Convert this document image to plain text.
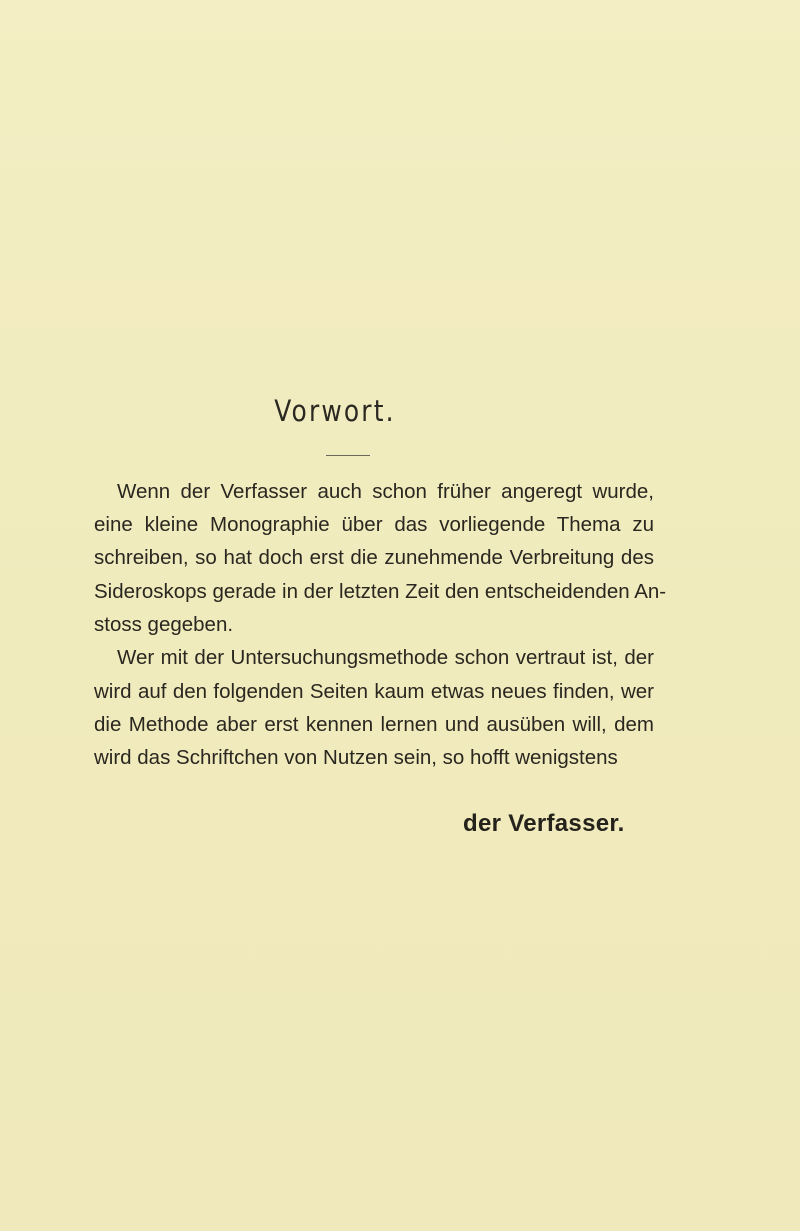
Vorwort.
Wenn der Verfasser auch schon früher angeregt wurde,
eine kleine Monographie über das vorliegende Thema zu
schreiben, so hat doch erst die zunehmende Verbreitung des
Sideroskops gerade in der letzten Zeit den entscheidenden An-
stoss gegeben.
Wer mit der Untersuchungsmethode schon vertraut ist, der
wird auf den folgenden Seiten kaum etwas neues finden, wer
die Methode aber erst kennen lernen und ausüben will, dem
wird das Schriftchen von Nutzen sein, so hofft wenigstens
der Verfasser.
